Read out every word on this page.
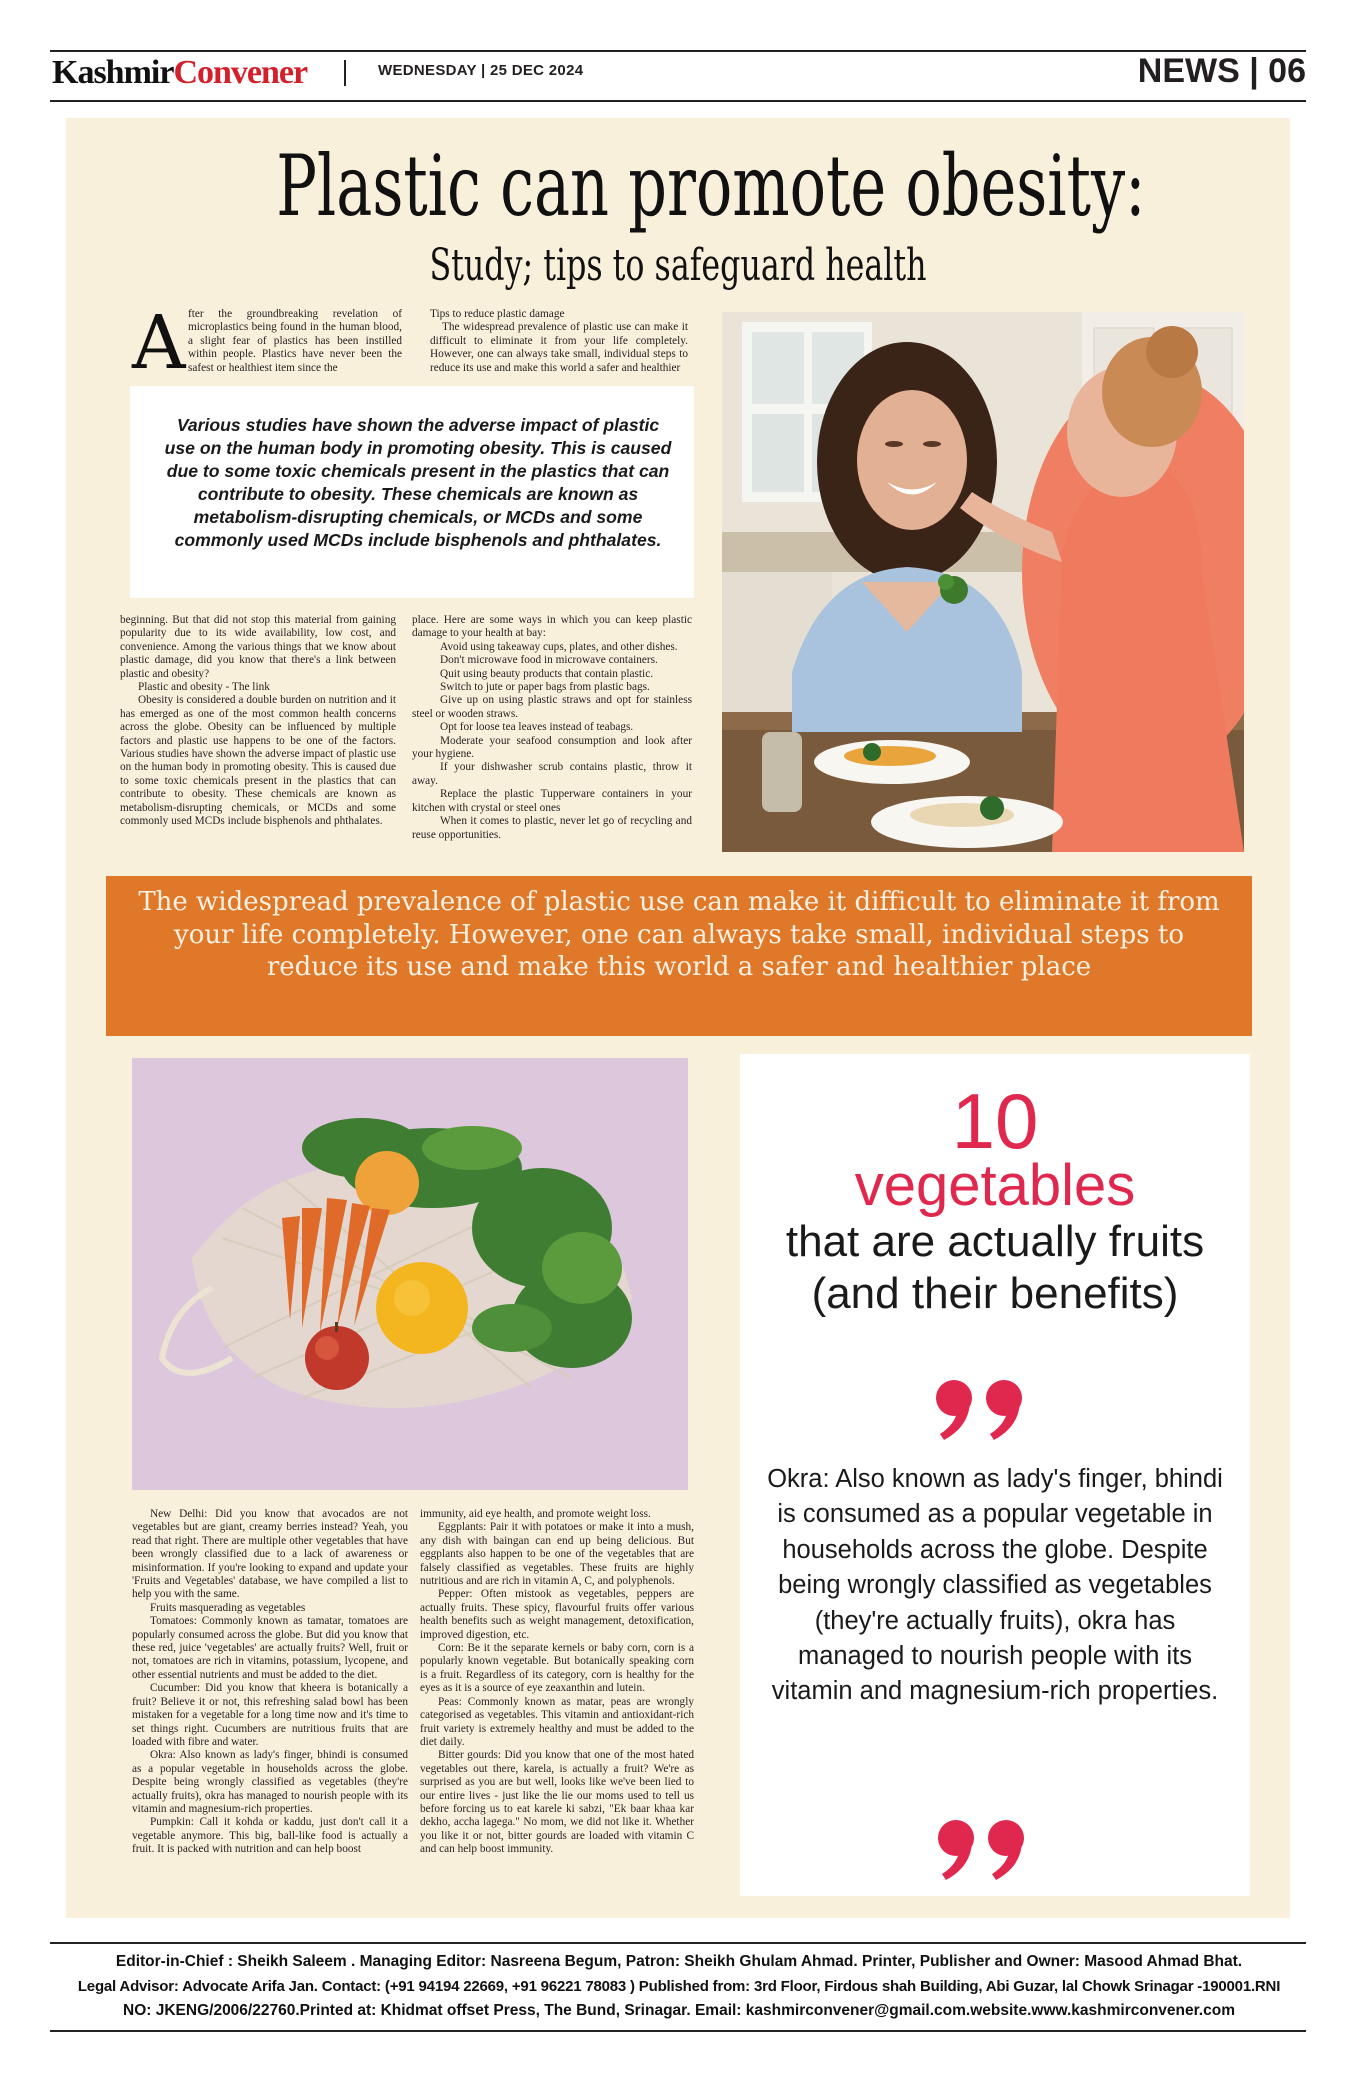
KashmirConvener	WEDNESDAY | 25 DEC 2024	NEWS | 06
Plastic can promote obesity:
Study; tips to safeguard health
A fter the groundbreaking revelation of microplastics being found in the human blood, a slight fear of plastics has been instilled within people. Plastics have never been the safest or healthiest item since the

Tips to reduce plastic damage

The widespread prevalence of plastic use can make it difficult to eliminate it from your life completely. However, one can always take small, individual steps to reduce its use and make this world a safer and healthier

Various studies have shown the adverse impact of plastic use on the human body in promoting obesity. This is caused due to some toxic chemicals present in the plastics that can contribute to obesity. These chemicals are known as metabolism-disrupting chemicals, or MCDs and some commonly used MCDs include bisphenols and phthalates.

beginning. But that did not stop this material from gaining popularity due to its wide availability, low cost, and convenience. Among the various things that we know about plastic damage, did you know that there's a link between plastic and obesity?

Plastic and obesity - The link

Obesity is considered a double burden on nutrition and it has emerged as one of the most common health concerns across the globe. Obesity can be influenced by multiple factors and plastic use happens to be one of the factors. Various studies have shown the adverse impact of plastic use on the human body in promoting obesity. This is caused due to some toxic chemicals present in the plastics that can contribute to obesity. These chemicals are known as metabolism-disrupting chemicals, or MCDs and some commonly used MCDs include bisphenols and phthalates.

place. Here are some ways in which you can keep plastic damage to your health at bay:

Avoid using takeaway cups, plates, and other dishes.

Don't microwave food in microwave containers.

Quit using beauty products that contain plastic.

Switch to jute or paper bags from plastic bags.

Give up on using plastic straws and opt for stainless steel or wooden straws.

Opt for loose tea leaves instead of teabags.

Moderate your seafood consumption and look after your hygiene.

If your dishwasher scrub contains plastic, throw it away.

Replace the plastic Tupperware containers in your kitchen with crystal or steel ones

When it comes to plastic, never let go of recycling and reuse opportunities.

The widespread prevalence of plastic use can make it difficult to eliminate it from your life completely. However, one can always take small, individual steps to reduce its use and make this world a safer and healthier place

New Delhi: Did you know that avocados are not vegetables but are giant, creamy berries instead? Yeah, you read that right. There are multiple other vegetables that have been wrongly classified due to a lack of awareness or misinformation. If you're looking to expand and update your 'Fruits and Vegetables' database, we have compiled a list to help you with the same.

Fruits masquerading as vegetables

Tomatoes: Commonly known as tamatar, tomatoes are popularly consumed across the globe. But did you know that these red, juice 'vegetables' are actually fruits? Well, fruit or not, tomatoes are rich in vitamins, potassium, lycopene, and other essential nutrients and must be added to the diet.

Cucumber: Did you know that kheera is botanically a fruit? Believe it or not, this refreshing salad bowl has been mistaken for a vegetable for a long time now and it's time to set things right. Cucumbers are nutritious fruits that are loaded with fibre and water.

Okra: Also known as lady's finger, bhindi is consumed as a popular vegetable in households across the globe. Despite being wrongly classified as vegetables (they're actually fruits), okra has managed to nourish people with its vitamin and magnesium-rich properties.

Pumpkin: Call it kohda or kaddu, just don't call it a vegetable anymore. This big, ball-like food is actually a fruit. It is packed with nutrition and can help boost

immunity, aid eye health, and promote weight loss.

Eggplants: Pair it with potatoes or make it into a mush, any dish with baingan can end up being delicious. But eggplants also happen to be one of the vegetables that are falsely classified as vegetables. These fruits are highly nutritious and are rich in vitamin A, C, and polyphenols.

Pepper: Often mistook as vegetables, peppers are actually fruits. These spicy, flavourful fruits offer various health benefits such as weight management, detoxification, improved digestion, etc.

Corn: Be it the separate kernels or baby corn, corn is a popularly known vegetable. But botanically speaking corn is a fruit. Regardless of its category, corn is healthy for the eyes as it is a source of eye zeaxanthin and lutein.

Peas: Commonly known as matar, peas are wrongly categorised as vegetables. This vitamin and antioxidant-rich fruit variety is extremely healthy and must be added to the diet daily.

Bitter gourds: Did you know that one of the most hated vegetables out there, karela, is actually a fruit? We're as surprised as you are but well, looks like we've been lied to our entire lives - just like the lie our moms used to tell us before forcing us to eat karele ki sabzi, "Ek baar khaa kar dekho, accha lagega." No mom, we did not like it. Whether you like it or not, bitter gourds are loaded with vitamin C and can help boost immunity.

10
vegetables
that are actually fruits (and their benefits)
Okra: Also known as lady's finger, bhindi is consumed as a popular vegetable in households across the globe. Despite being wrongly classified as vegetables (they're actually fruits), okra has managed to nourish people with its vitamin and magnesium-rich properties.
Editor-in-Chief : Sheikh Saleem . Managing Editor: Nasreena Begum, Patron: Sheikh Ghulam Ahmad. Printer, Publisher and Owner: Masood Ahmad Bhat.
Legal Advisor: Advocate Arifa Jan. Contact: (+91 94194 22669, +91 96221 78083 ) Published from: 3rd Floor, Firdous shah Building, Abi Guzar, lal Chowk Srinagar -190001.RNI
NO: JKENG/2006/22760.Printed at: Khidmat offset Press, The Bund, Srinagar. Email: kashmirconvener@gmail.com.website.www.kashmirconvener.com
